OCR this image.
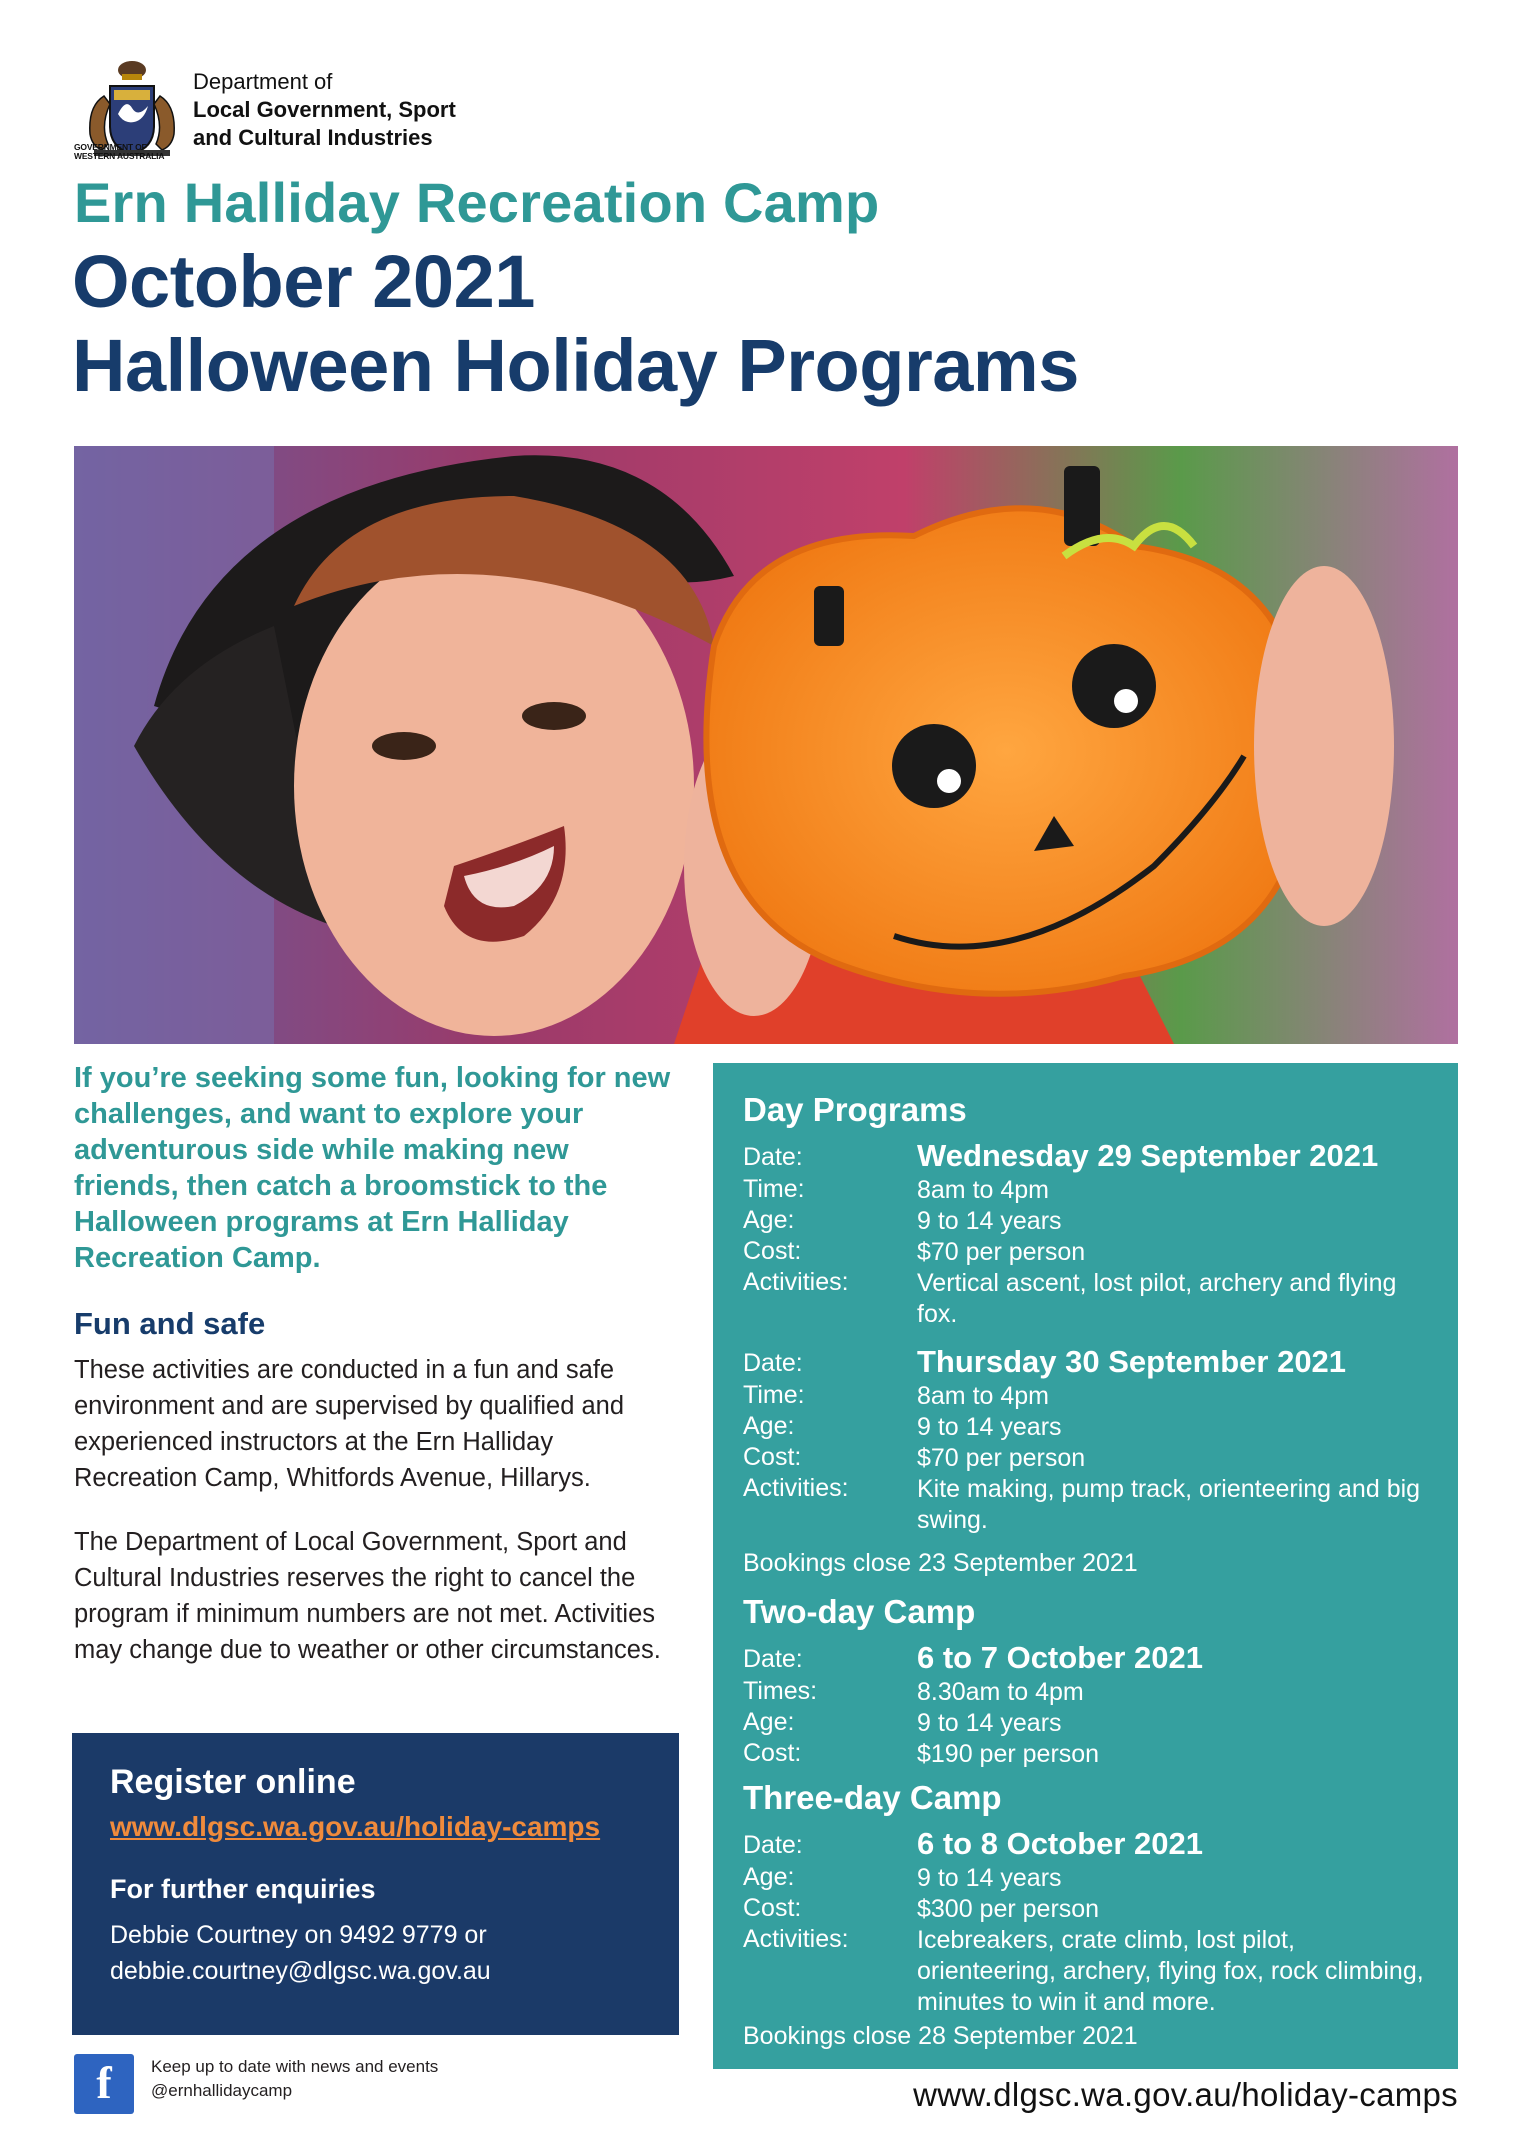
GOVERNMENT OF
WESTERN AUSTRALIA
Department of
Local Government, Sport
and Cultural Industries
Ern Halliday Recreation Camp
October 2021
Halloween Holiday Programs
If you’re seeking some fun, looking for new challenges, and want to explore your adventurous side while making new friends, then catch a broomstick to the Halloween programs at Ern Halliday Recreation Camp.
Fun and safe
These activities are conducted in a fun and safe environment and are supervised by qualified and experienced instructors at the Ern Halliday Recreation Camp, Whitfords Avenue, Hillarys.
The Department of Local Government, Sport and Cultural Industries reserves the right to cancel the program if minimum numbers are not met. Activities may change due to weather or other circumstances.
Register online
www.dlgsc.wa.gov.au/holiday-camps
For further enquiries
Debbie Courtney on 9492 9779 or
debbie.courtney@dlgsc.wa.gov.au
f	Keep up to date with news and events
@ernhallidaycamp
Day Programs
Date:	Wednesday 29 September 2021
Time:	8am to 4pm
Age:	9 to 14 years
Cost:	$70 per person
Activities:	Vertical ascent, lost pilot, archery and flying fox.
Date:	Thursday 30 September 2021
Time:	8am to 4pm
Age:	9 to 14 years
Cost:	$70 per person
Activities:	Kite making, pump track, orienteering and big swing.
Bookings close 23 September 2021
Two-day Camp
Date:	6 to 7 October 2021
Times:	8.30am to 4pm
Age:	9 to 14 years
Cost:	$190 per person
Three-day Camp
Date:	6 to 8 October 2021
Age:	9 to 14 years
Cost:	$300 per person
Activities:	Icebreakers, crate climb, lost pilot, orienteering, archery, flying fox, rock climbing, minutes to win it and more.
Bookings close 28 September 2021
www.dlgsc.wa.gov.au/holiday-camps
